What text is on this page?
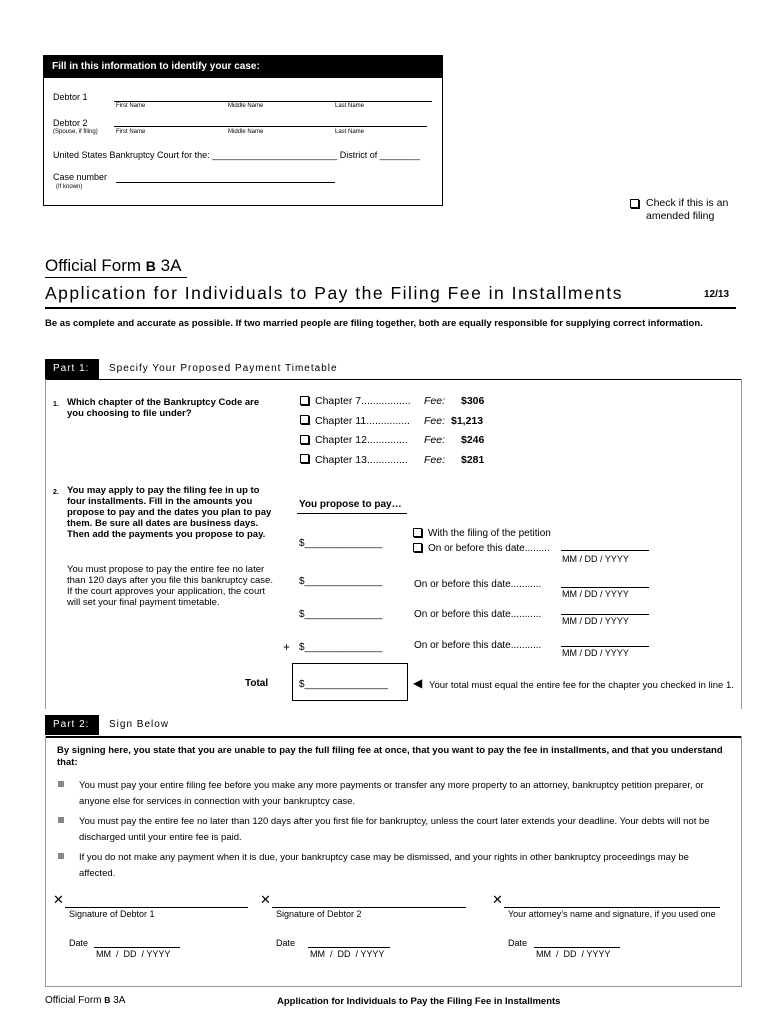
Fill in this information to identify your case:
Debtor 1
First Name	Middle Name	Last Name
Debtor 2
(Spouse, if filing)	First Name	Middle Name	Last Name
United States Bankruptcy Court for the: _________________________ District of ________
Case number
(If known)
Check if this is an
amended filing
Official Form B 3A
Application for Individuals to Pay the Filing Fee in Installments	12/13
Be as complete and accurate as possible. If two married people are filing together, both are equally responsible for supplying correct information.
Part 1:	Specify Your Proposed Payment Timetable
1. Which chapter of the Bankruptcy Code are you choosing to file under?
Chapter 7................. Fee: $306
Chapter 11............... Fee: $1,213
Chapter 12.............. Fee: $246
Chapter 13.............. Fee: $281
2. You may apply to pay the filing fee in up to four installments. Fill in the amounts you propose to pay and the dates you plan to pay them. Be sure all dates are business days. Then add the payments you propose to pay.
You must propose to pay the entire fee no later than 120 days after you file this bankruptcy case. If the court approves your application, the court will set your final payment timetable.
You propose to pay…
$______________
With the filing of the petition
On or before this date.........
MM / DD / YYYY
$______________	On or before this date...........
MM / DD / YYYY
$______________	On or before this date...........
MM / DD / YYYY
+ $______________	On or before this date...........
MM / DD / YYYY
Total	$_______________ ◀ Your total must equal the entire fee for the chapter you checked in line 1.
Part 2:	Sign Below
By signing here, you state that you are unable to pay the full filing fee at once, that you want to pay the fee in installments, and that you understand that:
You must pay your entire filing fee before you make any more payments or transfer any more property to an attorney, bankruptcy petition preparer, or anyone else for services in connection with your bankruptcy case.
You must pay the entire fee no later than 120 days after you first file for bankruptcy, unless the court later extends your deadline. Your debts will not be discharged until your entire fee is paid.
If you do not make any payment when it is due, your bankruptcy case may be dismissed, and your rights in other bankruptcy proceedings may be affected.
✕
Signature of Debtor 1
✕
Signature of Debtor 2
✕
Your attorney’s name and signature, if you used one
Date
MM  /  DD  / YYYY
Date
MM  /  DD  / YYYY
Date
MM  /  DD  / YYYY
Official Form B 3A	Application for Individuals to Pay the Filing Fee in Installments
